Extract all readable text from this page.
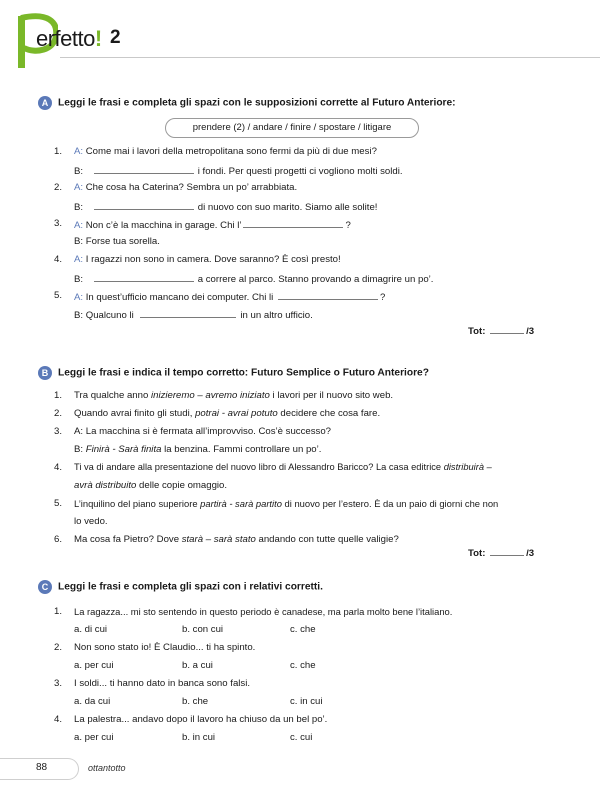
erfetto! 2
A Leggi le frasi e completa gli spazi con le supposizioni corrette al Futuro Anteriore:
prendere (2) / andare / finire / spostare / litigare
1. A: Come mai i lavori della metropolitana sono fermi da più di due mesi?
B:	i fondi. Per questi progetti ci vogliono molti soldi.
2. A: Che cosa ha Caterina? Sembra un po’ arrabbiata.
B:	di nuovo con suo marito. Siamo alle solite!
3. A: Non c’è la macchina in garage. Chi l’	?
B: Forse tua sorella.
4. A: I ragazzi non sono in camera. Dove saranno? È così presto!
B:	a correre al parco. Stanno provando a dimagrire un po’.
5. A: In quest’ufficio mancano dei computer. Chi li	?
B: Qualcuno li	in un altro ufficio.
Tot:	/3
B Leggi le frasi e indica il tempo corretto: Futuro Semplice o Futuro Anteriore?
1. Tra qualche anno inizieremo – avremo iniziato i lavori per il nuovo sito web.
2. Quando avrai finito gli studi, potrai - avrai potuto decidere che cosa fare.
3. A: La macchina si è fermata all’improvviso. Cos’è successo?
B: Finirà - Sarà finita la benzina. Fammi controllare un po’.
4. Ti va di andare alla presentazione del nuovo libro di Alessandro Baricco? La casa editrice distribuirà –
avrà distribuito delle copie omaggio.
5. L’inquilino del piano superiore partirà - sarà partito di nuovo per l’estero. È da un paio di giorni che non
lo vedo.
6. Ma cosa fa Pietro? Dove starà – sarà stato andando con tutte quelle valigie?
Tot:	/3
C Leggi le frasi e completa gli spazi con i relativi corretti.
1. La ragazza... mi sto sentendo in questo periodo è canadese, ma parla molto bene l’italiano.
a. di cui	b. con cui	c. che
2. Non sono stato io! È Claudio... ti ha spinto.
a. per cui	b. a cui	c. che
3. I soldi... ti hanno dato in banca sono falsi.
a. da cui	b. che	c. in cui
4. La palestra... andavo dopo il lavoro ha chiuso da un bel po’.
a. per cui	b. in cui	c. cui
88	ottantotto
